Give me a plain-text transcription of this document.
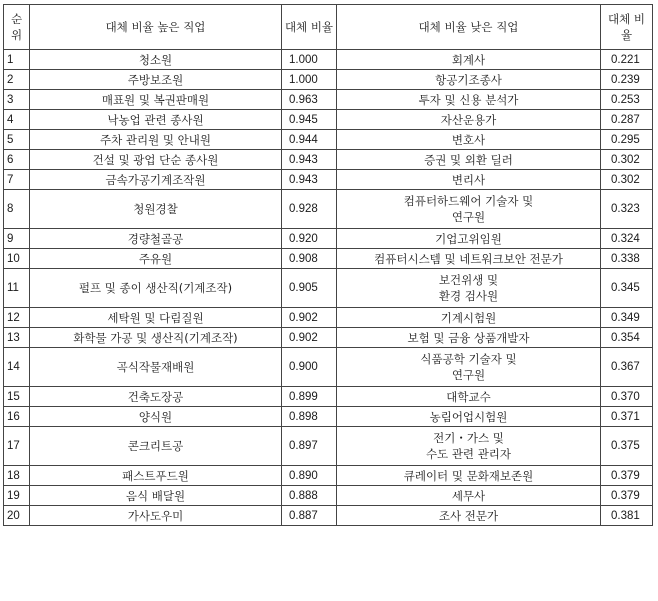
순위	대체 비율 높은 직업	대체 비율	대체 비율 낮은 직업	대체 비
율

1	청소원	1.000	회계사	0.221
2	주방보조원	1.000	항공기조종사	0.239
3	매표원 및 복권판매원	0.963	투자 및 신용 분석가	0.253
4	낙농업 관련 종사원	0.945	자산운용가	0.287
5	주차 관리원 및 안내원	0.944	변호사	0.295
6	건설 및 광업 단순 종사원	0.943	증권 및 외환 딜러	0.302
7	금속가공기계조작원	0.943	변리사	0.302
8	청원경찰	0.928	컴퓨터하드웨어 기술자 및
연구원	0.323
9	경량철골공	0.920	기업고위임원	0.324
10	주유원	0.908	컴퓨터시스템 및 네트워크보안 전문가	0.338
11	펄프 및 종이 생산직(기계조작)	0.905	보건위생 및
환경 검사원	0.345
12	세탁원 및 다림질원	0.902	기계시험원	0.349
13	화학물 가공 및 생산직(기계조작)	0.902	보험 및 금융 상품개발자	0.354
14	곡식작물재배원	0.900	식품공학 기술자 및
연구원	0.367
15	건축도장공	0.899	대학교수	0.370
16	양식원	0.898	농림어업시험원	0.371
17	콘크리트공	0.897	전기・가스 및
수도 관련 관리자	0.375
18	패스트푸드원	0.890	큐레이터 및 문화재보존원	0.379
19	음식 배달원	0.888	세무사	0.379
20	가사도우미	0.887	조사 전문가	0.381
